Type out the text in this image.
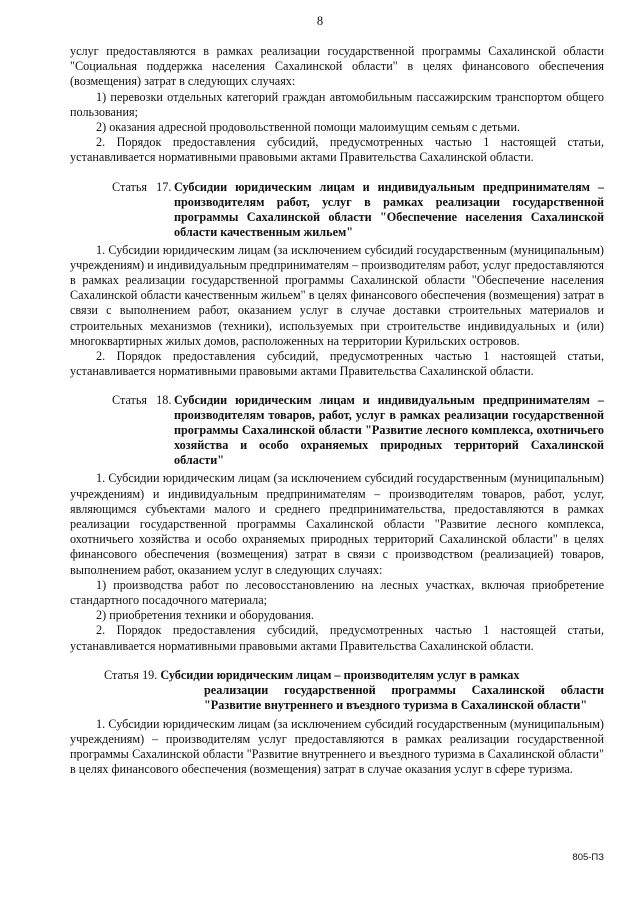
8

услуг предоставляются в рамках реализации государственной программы Сахалинской области "Социальная поддержка населения Сахалинской области" в целях финансового обеспечения (возмещения) затрат в следующих случаях:

1) перевозки отдельных категорий граждан автомобильным пассажирским транспортом общего пользования;

2) оказания адресной продовольственной помощи малоимущим семьям с детьми.

2. Порядок предоставления субсидий, предусмотренных частью 1 настоящей статьи, устанавливается нормативными правовыми актами Правительства Сахалинской области.

Статья   17. Субсидии юридическим лицам и индивидуальным предпринимателям – производителям работ, услуг в рамках реализации государственной программы Сахалинской области "Обеспечение населения Сахалинской области качественным жильем"

1. Субсидии юридическим лицам (за исключением субсидий государственным (муниципальным) учреждениям) и индивидуальным предпринимателям – производителям работ, услуг предоставляются в рамках реализации государственной программы Сахалинской области "Обеспечение населения Сахалинской области качественным жильем" в целях финансового обеспечения (возмещения) затрат в связи с выполнением работ, оказанием услуг в случае доставки строительных материалов и строительных механизмов (техники), используемых при строительстве индивидуальных и (или) многоквартирных жилых домов, расположенных на территории Курильских островов.

2. Порядок предоставления субсидий, предусмотренных частью 1 настоящей статьи, устанавливается нормативными правовыми актами Правительства Сахалинской области.

Статья   18. Субсидии юридическим лицам и индивидуальным предпринимателям – производителям товаров, работ, услуг в рамках реализации государственной программы Сахалинской области "Развитие лесного комплекса, охотничьего хозяйства и особо охраняемых природных территорий Сахалинской области"

1. Субсидии юридическим лицам (за исключением субсидий государственным (муниципальным) учреждениям) и индивидуальным предпринимателям – производителям товаров, работ, услуг, являющимся субъектами малого и среднего предпринимательства, предоставляются в рамках реализации государственной программы Сахалинской области "Развитие лесного комплекса, охотничьего хозяйства и особо охраняемых природных территорий Сахалинской области" в целях финансового обеспечения (возмещения) затрат в связи с производством (реализацией) товаров, выполнением работ, оказанием услуг в следующих случаях:

1) производства работ по лесовосстановлению на лесных участках, включая приобретение стандартного посадочного материала;

2) приобретения техники и оборудования.

2. Порядок предоставления субсидий, предусмотренных частью 1 настоящей статьи, устанавливается нормативными правовыми актами Правительства Сахалинской области.

Статья 19. Субсидии юридическим лицам – производителям услуг в рамках
реализации государственной программы Сахалинской области "Развитие внутреннего и въездного туризма в Сахалинской области"

1. Субсидии юридическим лицам (за исключением субсидий государственным (муниципальным) учреждениям) – производителям услуг предоставляются в рамках реализации государственной программы Сахалинской области "Развитие внутреннего и въездного туризма в Сахалинской области" в целях финансового обеспечения (возмещения) затрат в случае оказания услуг в сфере туризма.

805-ПЗ
